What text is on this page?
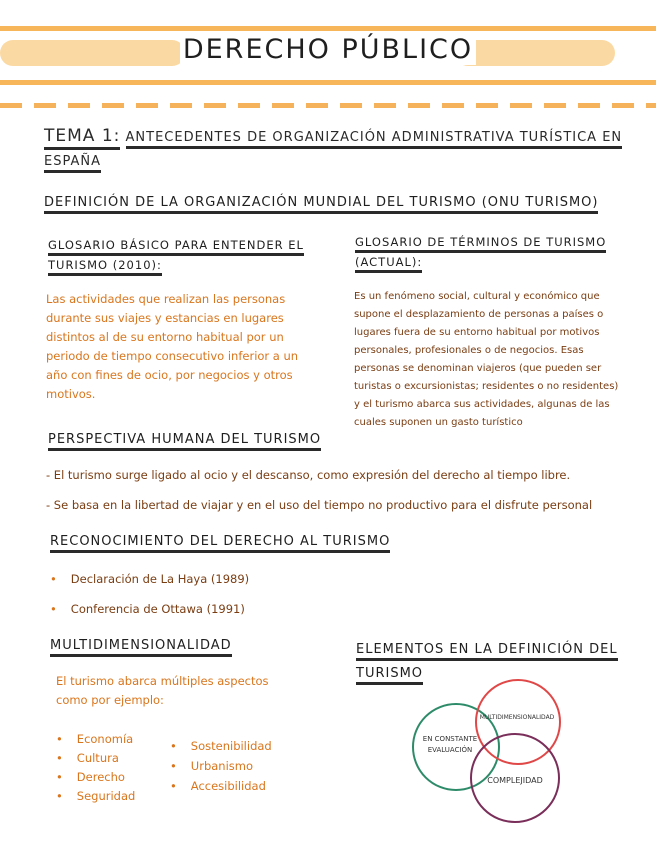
DERECHO PÚBLICO
TEMA 1: ANTECEDENTES DE ORGANIZACIÓN ADMINISTRATIVA TURÍSTICA EN
ESPAÑA
DEFINICIÓN DE LA ORGANIZACIÓN MUNDIAL DEL TURISMO (ONU TURISMO)
GLOSARIO BÁSICO PARA ENTENDER EL
TURISMO (2010):
Las actividades que realizan las personas durante sus viajes y estancias en lugares distintos al de su entorno habitual por un periodo de tiempo consecutivo inferior a un año con fines de ocio, por negocios y otros motivos.
GLOSARIO DE TÉRMINOS DE TURISMO
(ACTUAL):
Es un fenómeno social, cultural y económico que supone el desplazamiento de personas a países o lugares fuera de su entorno habitual por motivos personales, profesionales o de negocios. Esas personas se denominan viajeros (que pueden ser turistas o excursionistas; residentes o no residentes) y el turismo abarca sus actividades, algunas de las cuales suponen un gasto turístico
PERSPECTIVA HUMANA DEL TURISMO
- El turismo surge ligado al ocio y el descanso, como expresión del derecho al tiempo libre.
- Se basa en la libertad de viajar y en el uso del tiempo no productivo para el disfrute personal
RECONOCIMIENTO DEL DERECHO AL TURISMO
• Declaración de La Haya (1989)
• Conferencia de Ottawa (1991)
MULTIDIMENSIONALIDAD
El turismo abarca múltiples aspectos como por ejemplo:
• Economía
• Cultura
• Derecho
• Seguridad
• Sostenibilidad
• Urbanismo
• Accesibilidad
ELEMENTOS EN LA DEFINICIÓN DEL
TURISMO
EN CONSTANTE EVALUACIÓN
MULTIDIMENSIONALIDAD
COMPLEJIDAD
